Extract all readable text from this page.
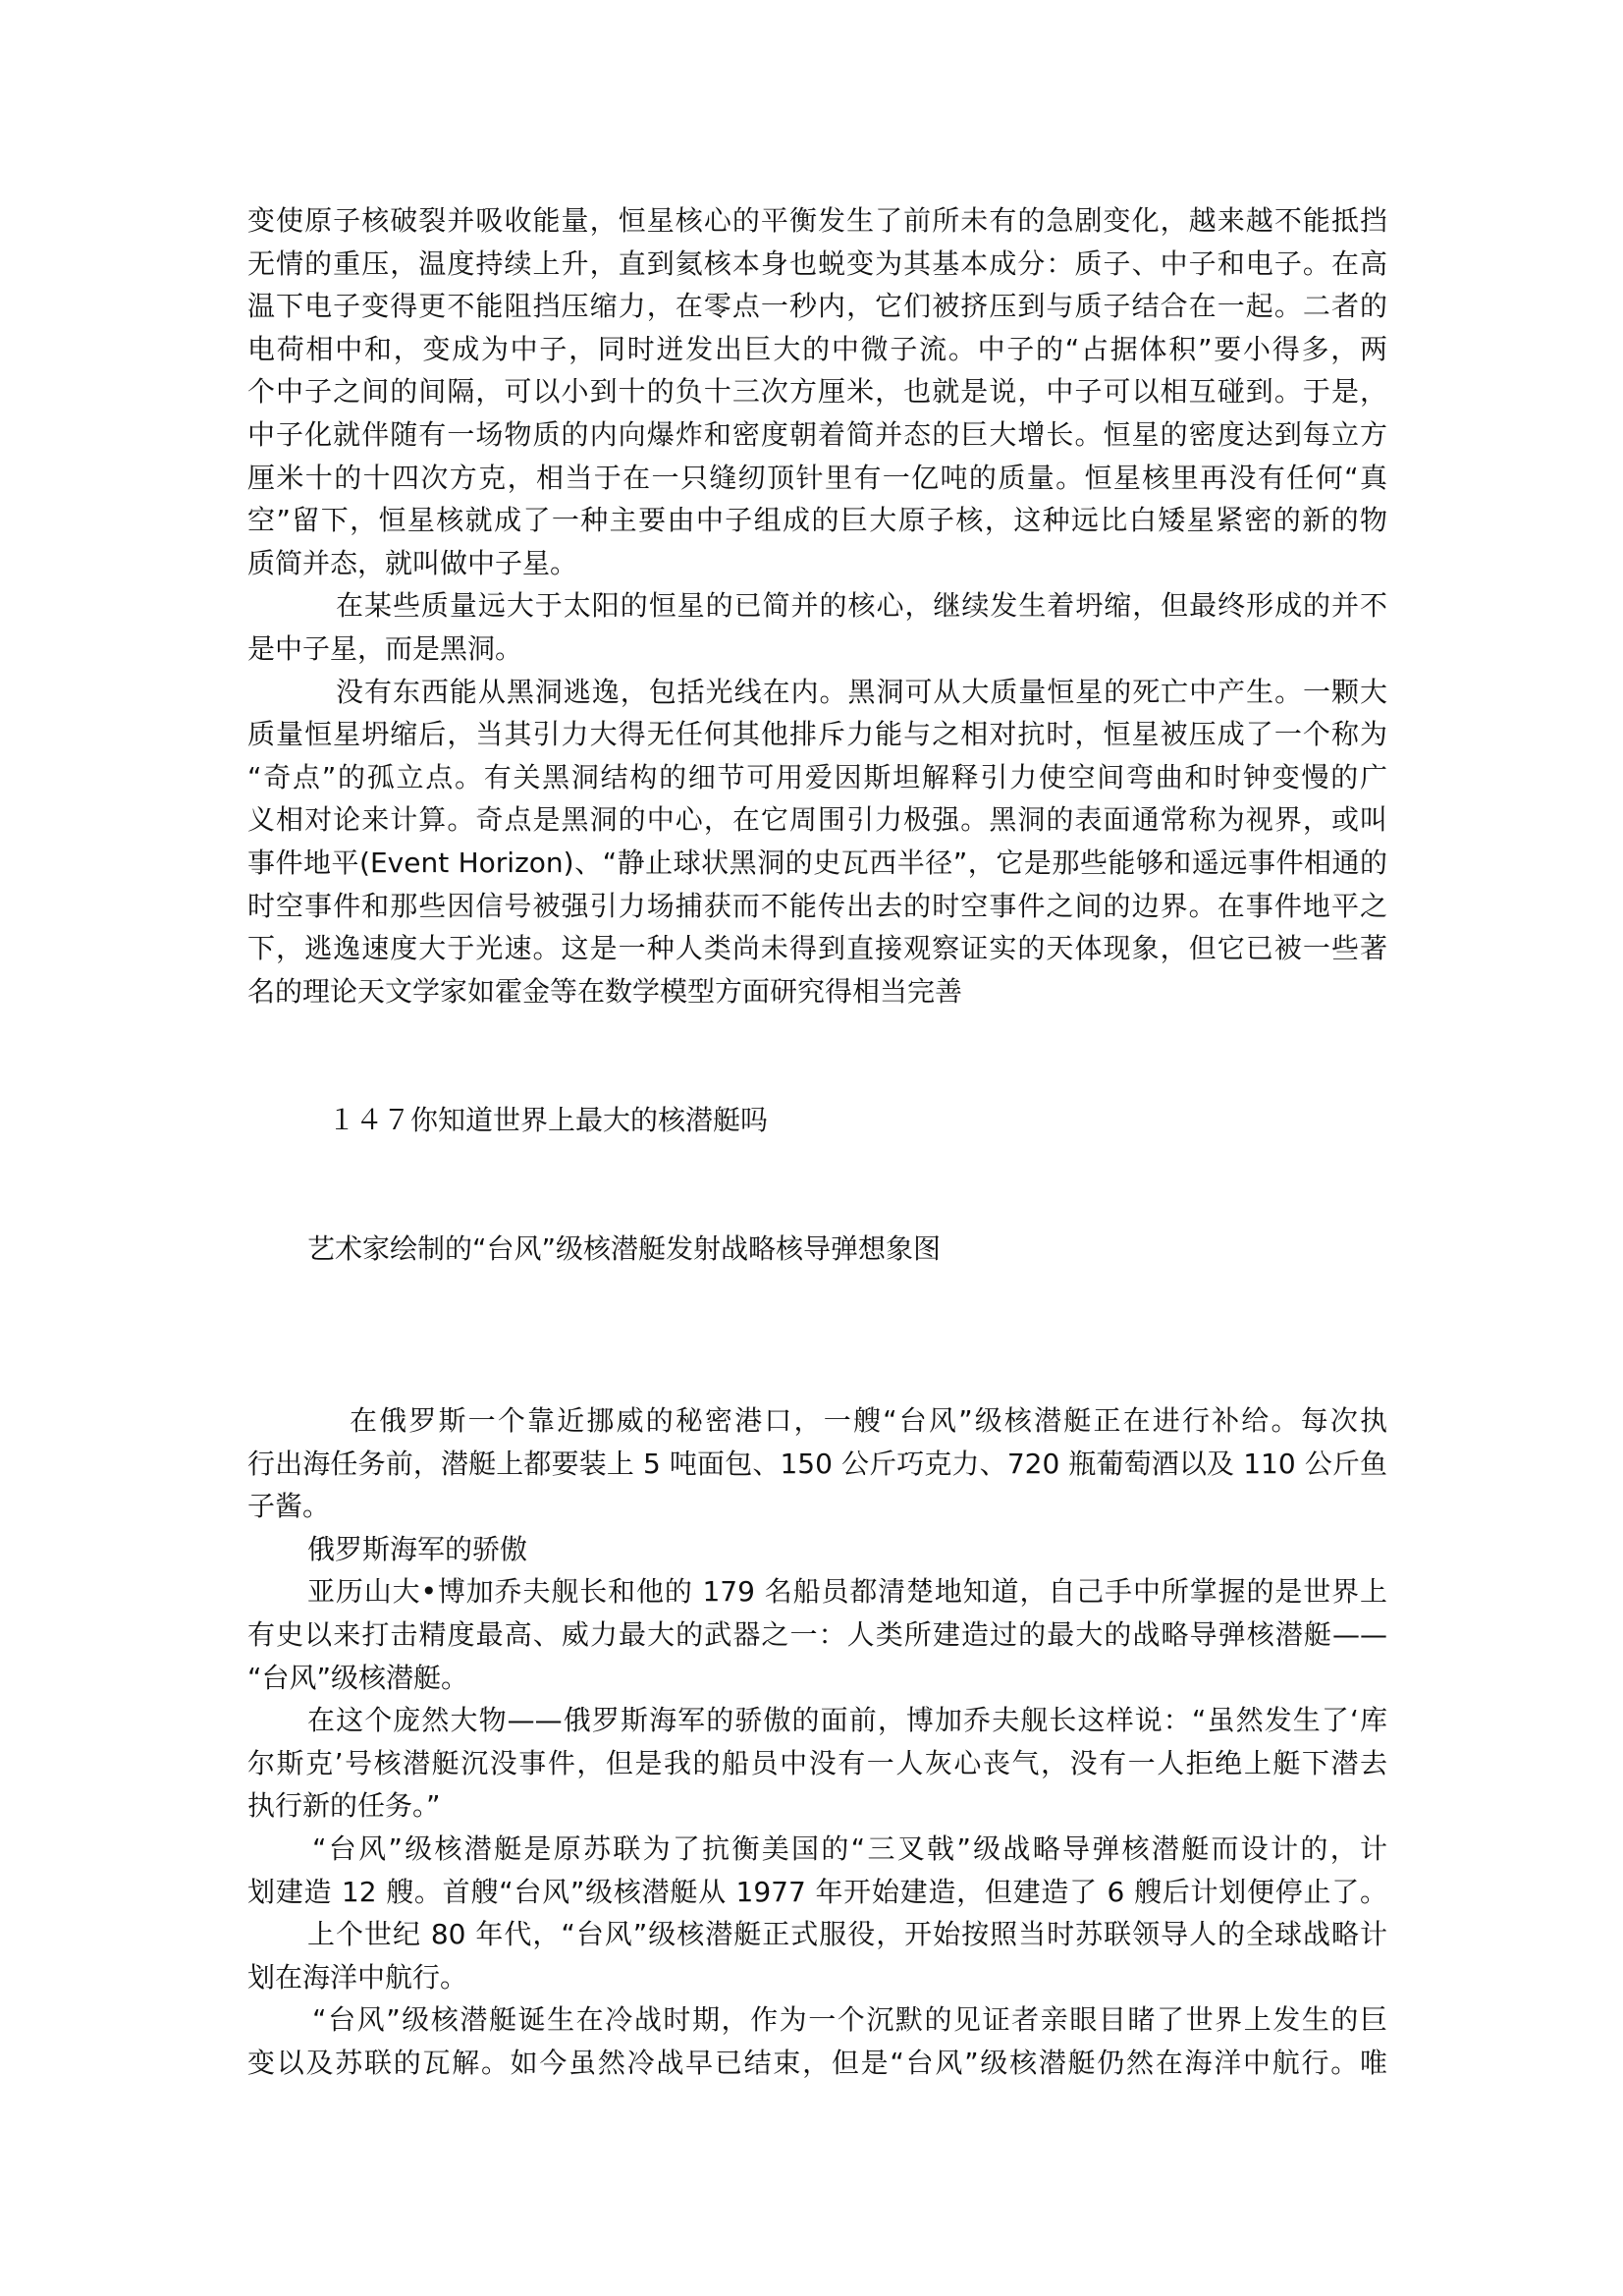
变使原子核破裂并吸收能量，恒星核心的平衡发生了前所未有的急剧变化，越来越不能抵挡
无情的重压，温度持续上升，直到氦核本身也蜕变为其基本成分：质子、中子和电子。在高
温下电子变得更不能阻挡压缩力，在零点一秒内，它们被挤压到与质子结合在一起。二者的
电荷相中和，变成为中子，同时迸发出巨大的中微子流。中子的“占据体积”要小得多，两
个中子之间的间隔，可以小到十的负十三次方厘米，也就是说，中子可以相互碰到。于是，
中子化就伴随有一场物质的内向爆炸和密度朝着简并态的巨大增长。恒星的密度达到每立方
厘米十的十四次方克，相当于在一只缝纫顶针里有一亿吨的质量。恒星核里再没有任何“真
空”留下，恒星核就成了一种主要由中子组成的巨大原子核，这种远比白矮星紧密的新的物
质简并态，就叫做中子星。
在某些质量远大于太阳的恒星的已简并的核心，继续发生着坍缩，但最终形成的并不
是中子星，而是黑洞。
没有东西能从黑洞逃逸，包括光线在内。黑洞可从大质量恒星的死亡中产生。一颗大
质量恒星坍缩后，当其引力大得无任何其他排斥力能与之相对抗时，恒星被压成了一个称为
“奇点”的孤立点。有关黑洞结构的细节可用爱因斯坦解释引力使空间弯曲和时钟变慢的广
义相对论来计算。奇点是黑洞的中心，在它周围引力极强。黑洞的表面通常称为视界，或叫
事件地平(Event Horizon)、“静止球状黑洞的史瓦西半径”，它是那些能够和遥远事件相通的
时空事件和那些因信号被强引力场捕获而不能传出去的时空事件之间的边界。在事件地平之
下，逃逸速度大于光速。这是一种人类尚未得到直接观察证实的天体现象，但它已被一些著
名的理论天文学家如霍金等在数学模型方面研究得相当完善
１４７你知道世界上最大的核潜艇吗
艺术家绘制的“台风”级核潜艇发射战略核导弹想象图
在俄罗斯一个靠近挪威的秘密港口，一艘“台风”级核潜艇正在进行补给。每次执
行出海任务前，潜艇上都要装上 5 吨面包、150 公斤巧克力、720 瓶葡萄酒以及 110 公斤鱼
子酱。
俄罗斯海军的骄傲
亚历山大•博加乔夫舰长和他的 179 名船员都清楚地知道，自己手中所掌握的是世界上
有史以来打击精度最高、威力最大的武器之一：人类所建造过的最大的战略导弹核潜艇——
“台风”级核潜艇。
在这个庞然大物——俄罗斯海军的骄傲的面前，博加乔夫舰长这样说：“虽然发生了‘库
尔斯克’号核潜艇沉没事件，但是我的船员中没有一人灰心丧气，没有一人拒绝上艇下潜去
执行新的任务。”
“台风”级核潜艇是原苏联为了抗衡美国的“三叉戟”级战略导弹核潜艇而设计的，计
划建造 12 艘。首艘“台风”级核潜艇从 1977 年开始建造，但建造了 6 艘后计划便停止了。
上个世纪 80 年代，“台风”级核潜艇正式服役，开始按照当时苏联领导人的全球战略计
划在海洋中航行。
“台风”级核潜艇诞生在冷战时期，作为一个沉默的见证者亲眼目睹了世界上发生的巨
变以及苏联的瓦解。如今虽然冷战早已结束，但是“台风”级核潜艇仍然在海洋中航行。唯
